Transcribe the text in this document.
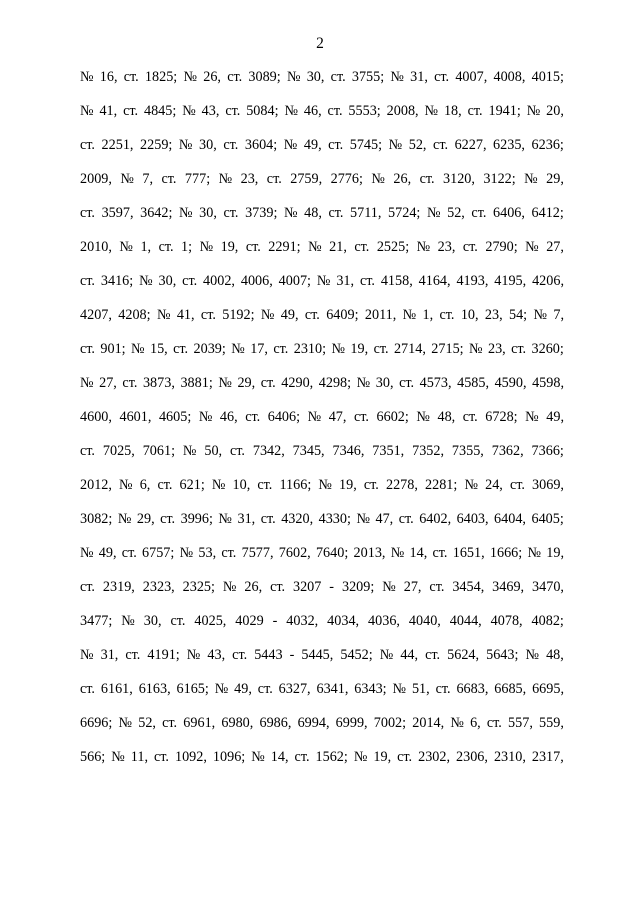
2
№ 16, ст. 1825; № 26, ст. 3089; № 30, ст. 3755; № 31, ст. 4007, 4008, 4015;
№ 41, ст. 4845; № 43, ст. 5084; № 46, ст. 5553; 2008, № 18, ст. 1941; № 20,
ст. 2251, 2259; № 30, ст. 3604; № 49, ст. 5745; № 52, ст. 6227, 6235, 6236;
2009, № 7, ст. 777; № 23, ст. 2759, 2776; № 26, ст. 3120, 3122; № 29,
ст. 3597, 3642; № 30, ст. 3739; № 48, ст. 5711, 5724; № 52, ст. 6406, 6412;
2010, № 1, ст. 1; № 19, ст. 2291; № 21, ст. 2525; № 23, ст. 2790; № 27,
ст. 3416; № 30, ст. 4002, 4006, 4007; № 31, ст. 4158, 4164, 4193, 4195, 4206,
4207, 4208; № 41, ст. 5192; № 49, ст. 6409; 2011, № 1, ст. 10, 23, 54; № 7,
ст. 901; № 15, ст. 2039; № 17, ст. 2310; № 19, ст. 2714, 2715; № 23, ст. 3260;
№ 27, ст. 3873, 3881; № 29, ст. 4290, 4298; № 30, ст. 4573, 4585, 4590, 4598,
4600, 4601, 4605; № 46, ст. 6406; № 47, ст. 6602; № 48, ст. 6728; № 49,
ст. 7025, 7061; № 50, ст. 7342, 7345, 7346, 7351, 7352, 7355, 7362, 7366;
2012, № 6, ст. 621; № 10, ст. 1166; № 19, ст. 2278, 2281; № 24, ст. 3069,
3082; № 29, ст. 3996; № 31, ст. 4320, 4330; № 47, ст. 6402, 6403, 6404, 6405;
№ 49, ст. 6757; № 53, ст. 7577, 7602, 7640; 2013, № 14, ст. 1651, 1666; № 19,
ст. 2319, 2323, 2325; № 26, ст. 3207 - 3209; № 27, ст. 3454, 3469, 3470,
3477; № 30, ст. 4025, 4029 - 4032, 4034, 4036, 4040, 4044, 4078, 4082;
№ 31, ст. 4191; № 43, ст. 5443 - 5445, 5452; № 44, ст. 5624, 5643; № 48,
ст. 6161, 6163, 6165; № 49, ст. 6327, 6341, 6343; № 51, ст. 6683, 6685, 6695,
6696; № 52, ст. 6961, 6980, 6986, 6994, 6999, 7002; 2014, № 6, ст. 557, 559,
566; № 11, ст. 1092, 1096; № 14, ст. 1562; № 19, ст. 2302, 2306, 2310, 2317,
